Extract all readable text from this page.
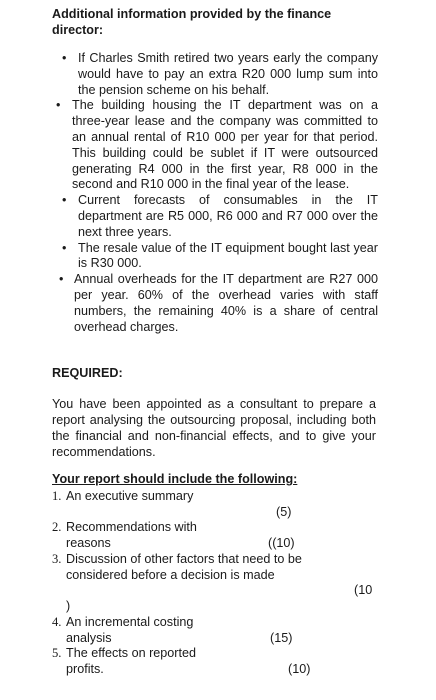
Additional information provided by the finance director:
• If Charles Smith retired two years early the company would have to pay an extra R20 000 lump sum into the pension scheme on his behalf.
• The building housing the IT department was on a three-year lease and the company was committed to an annual rental of R10 000 per year for that period. This building could be sublet if IT were outsourced generating R4 000 in the first year, R8 000 in the second and R10 000 in the final year of the lease.
• Current forecasts of consumables in the IT department are R5 000, R6 000 and R7 000 over the next three years.
• The resale value of the IT equipment bought last year is R30 000.
• Annual overheads for the IT department are R27 000 per year. 60% of the overhead varies with staff numbers, the remaining 40% is a share of central overhead charges.
REQUIRED:
You have been appointed as a consultant to prepare a report analysing the outsourcing proposal, including both the financial and non-financial effects, and to give your recommendations.
Your report should include the following:
1. An executive summary
(5)
2. Recommendations with
reasons	((10)
3. Discussion of other factors that need to be
considered before a decision is made
(10
)
4. An incremental costing
analysis	(15)
5. The effects on reported
profits.	(10)
